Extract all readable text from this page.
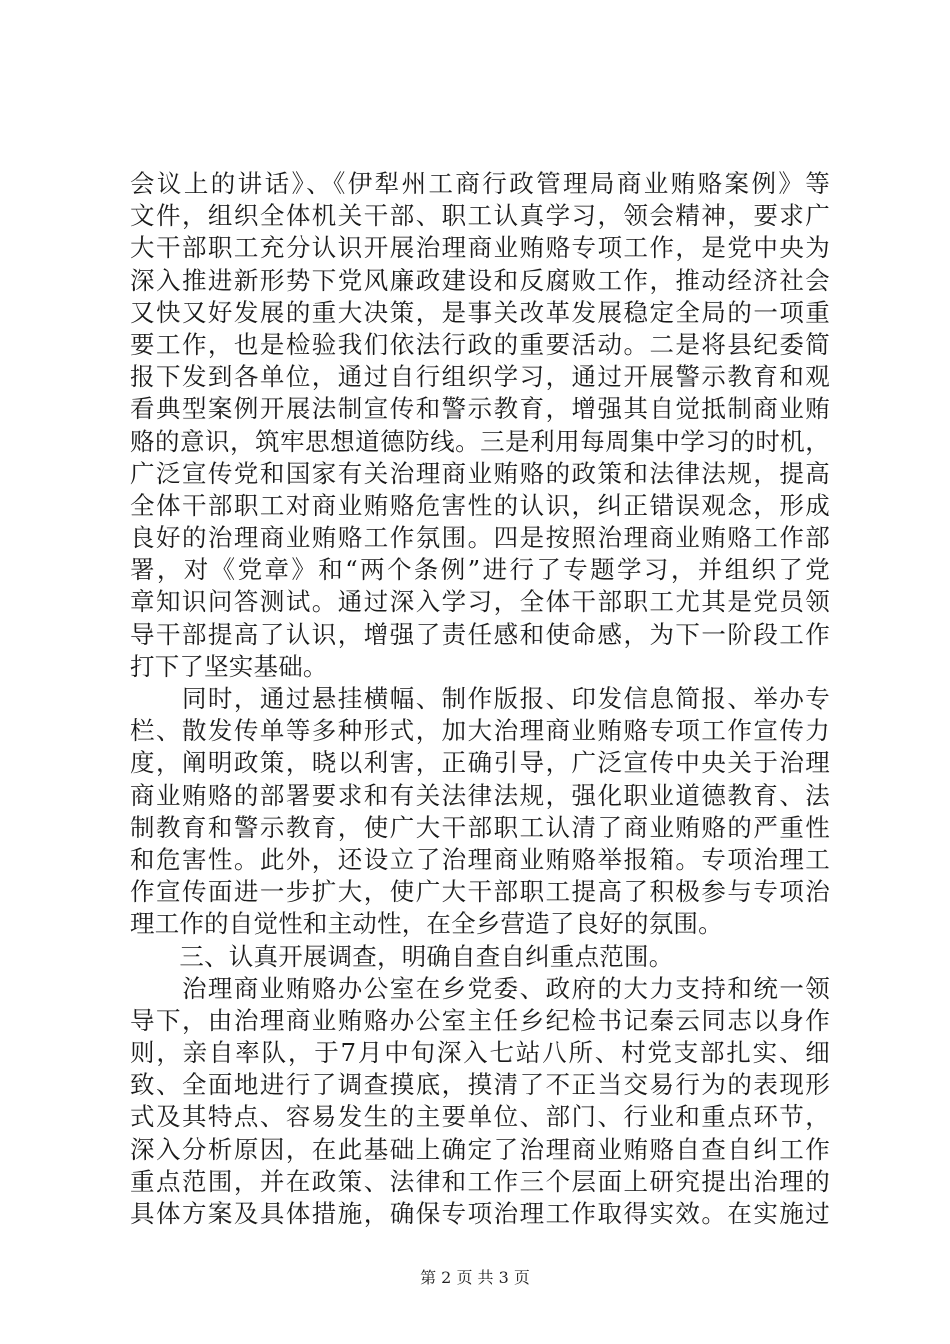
会议上的讲话》、《伊犁州工商行政管理局商业贿赂案例》等
文件，组织全体机关干部、职工认真学习，领会精神，要求广
大干部职工充分认识开展治理商业贿赂专项工作，是党中央为
深入推进新形势下党风廉政建设和反腐败工作，推动经济社会
又快又好发展的重大决策，是事关改革发展稳定全局的一项重
要工作，也是检验我们依法行政的重要活动。二是将县纪委简
报下发到各单位，通过自行组织学习，通过开展警示教育和观
看典型案例开展法制宣传和警示教育，增强其自觉抵制商业贿
赂的意识，筑牢思想道德防线。三是利用每周集中学习的时机，
广泛宣传党和国家有关治理商业贿赂的政策和法律法规，提高
全体干部职工对商业贿赂危害性的认识，纠正错误观念，形成
良好的治理商业贿赂工作氛围。四是按照治理商业贿赂工作部
署，对《党章》和“两个条例”进行了专题学习，并组织了党
章知识问答测试。通过深入学习，全体干部职工尤其是党员领
导干部提高了认识，增强了责任感和使命感，为下一阶段工作
打下了坚实基础。
　　同时，通过悬挂横幅、制作版报、印发信息简报、举办专
栏、散发传单等多种形式，加大治理商业贿赂专项工作宣传力
度，阐明政策，晓以利害，正确引导，广泛宣传中央关于治理
商业贿赂的部署要求和有关法律法规，强化职业道德教育、法
制教育和警示教育，使广大干部职工认清了商业贿赂的严重性
和危害性。此外，还设立了治理商业贿赂举报箱。专项治理工
作宣传面进一步扩大，使广大干部职工提高了积极参与专项治
理工作的自觉性和主动性，在全乡营造了良好的氛围。
　　三、认真开展调查，明确自查自纠重点范围。
　　治理商业贿赂办公室在乡党委、政府的大力支持和统一领
导下，由治理商业贿赂办公室主任乡纪检书记秦云同志以身作
则，亲自率队，于7月中旬深入七站八所、村党支部扎实、细
致、全面地进行了调查摸底，摸清了不正当交易行为的表现形
式及其特点、容易发生的主要单位、部门、行业和重点环节，
深入分析原因，在此基础上确定了治理商业贿赂自查自纠工作
重点范围，并在政策、法律和工作三个层面上研究提出治理的
具体方案及具体措施，确保专项治理工作取得实效。在实施过
第 2 页 共 3 页
